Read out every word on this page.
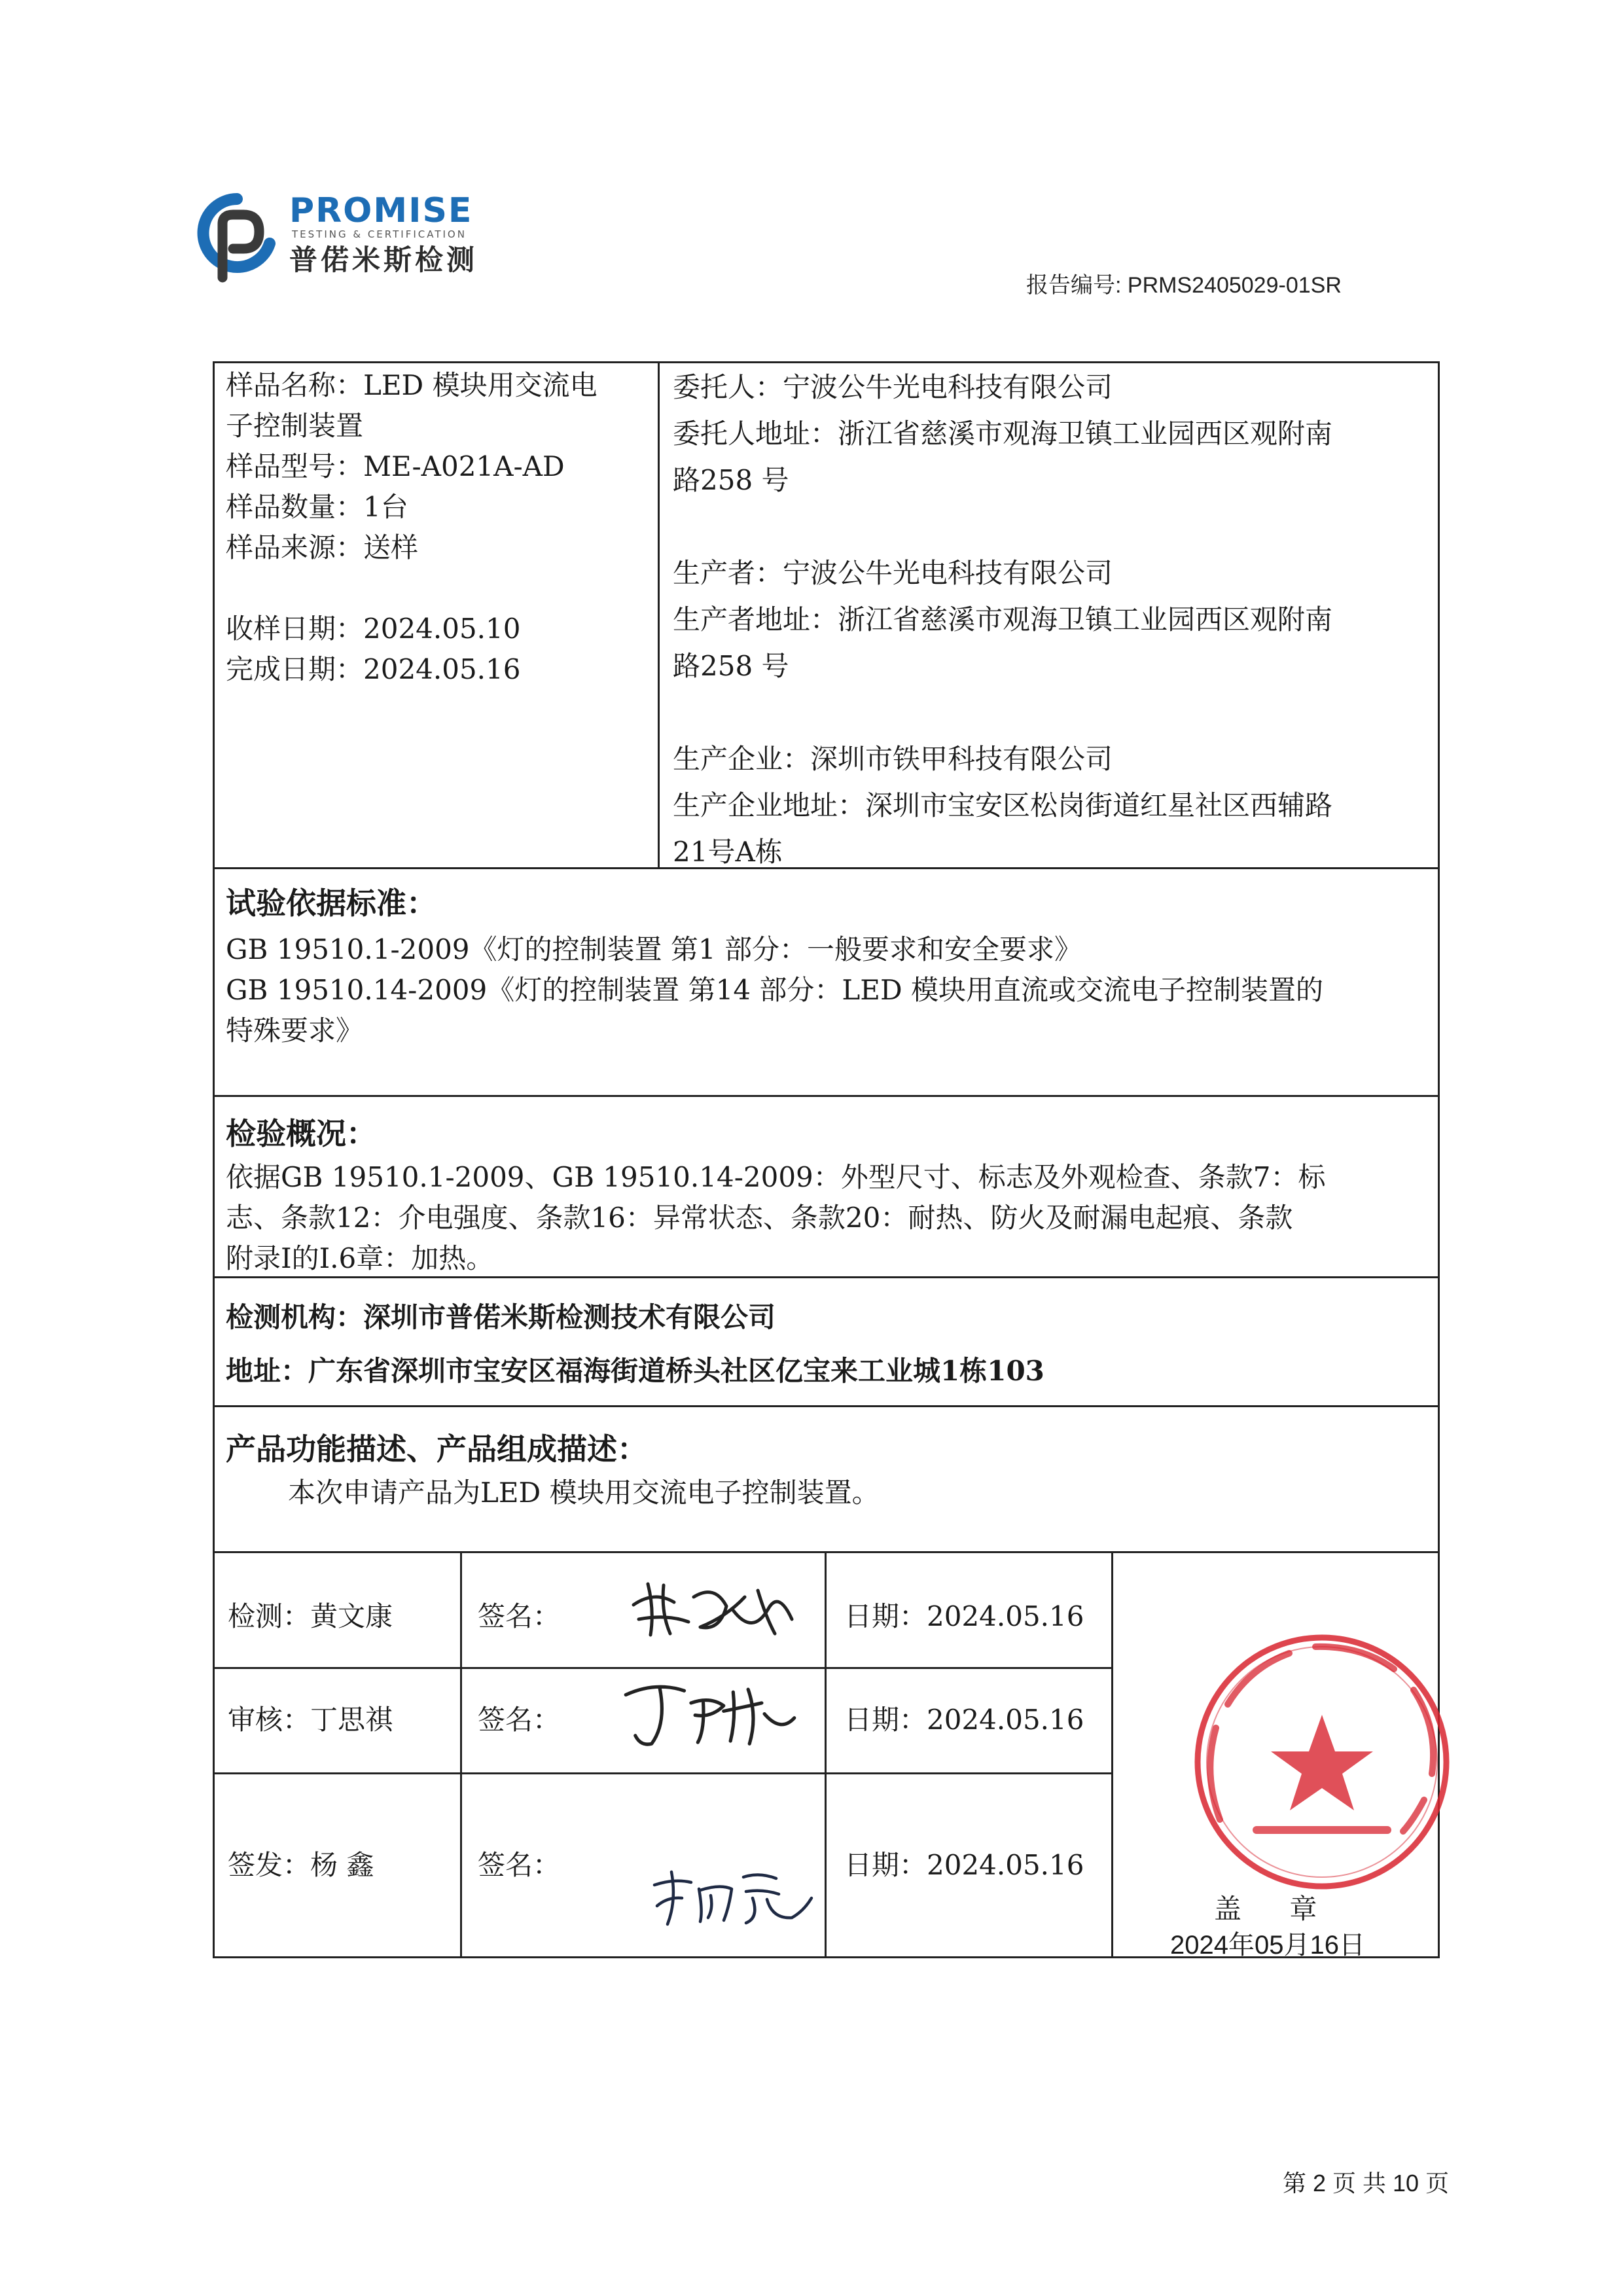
PROMISE
TESTING & CERTIFICATION
普偌米斯检测
报告编号: PRMS2405029-01SR
样品名称：LED 模块用交流电
子控制装置
样品型号：ME-A021A-AD
样品数量：1台
样品来源：送样
收样日期：2024.05.10
完成日期：2024.05.16
委托人：宁波公牛光电科技有限公司
委托人地址：浙江省慈溪市观海卫镇工业园西区观附南
路258 号
生产者：宁波公牛光电科技有限公司
生产者地址：浙江省慈溪市观海卫镇工业园西区观附南
路258 号
生产企业：深圳市铁甲科技有限公司
生产企业地址：深圳市宝安区松岗街道红星社区西辅路
21号A栋
试验依据标准：
GB 19510.1-2009《灯的控制装置 第1 部分：一般要求和安全要求》
GB 19510.14-2009《灯的控制装置 第14 部分：LED 模块用直流或交流电子控制装置的
特殊要求》
检验概况：
依据GB 19510.1-2009、GB 19510.14-2009：外型尺寸、标志及外观检查、条款7：标
志、条款12：介电强度、条款16：异常状态、条款20：耐热、防火及耐漏电起痕、条款
附录I的I.6章：加热。
检测机构：深圳市普偌米斯检测技术有限公司
地址：广东省深圳市宝安区福海街道桥头社区亿宝来工业城1栋103
产品功能描述、产品组成描述：
本次申请产品为LED 模块用交流电子控制装置。
检测：黄文康	签名：	日期：2024.05.16
审核：丁思祺	签名：	日期：2024.05.16
签发：杨 鑫	签名：	日期：2024.05.16
盖 章
2024年05月16日
第 2 页 共 10 页
